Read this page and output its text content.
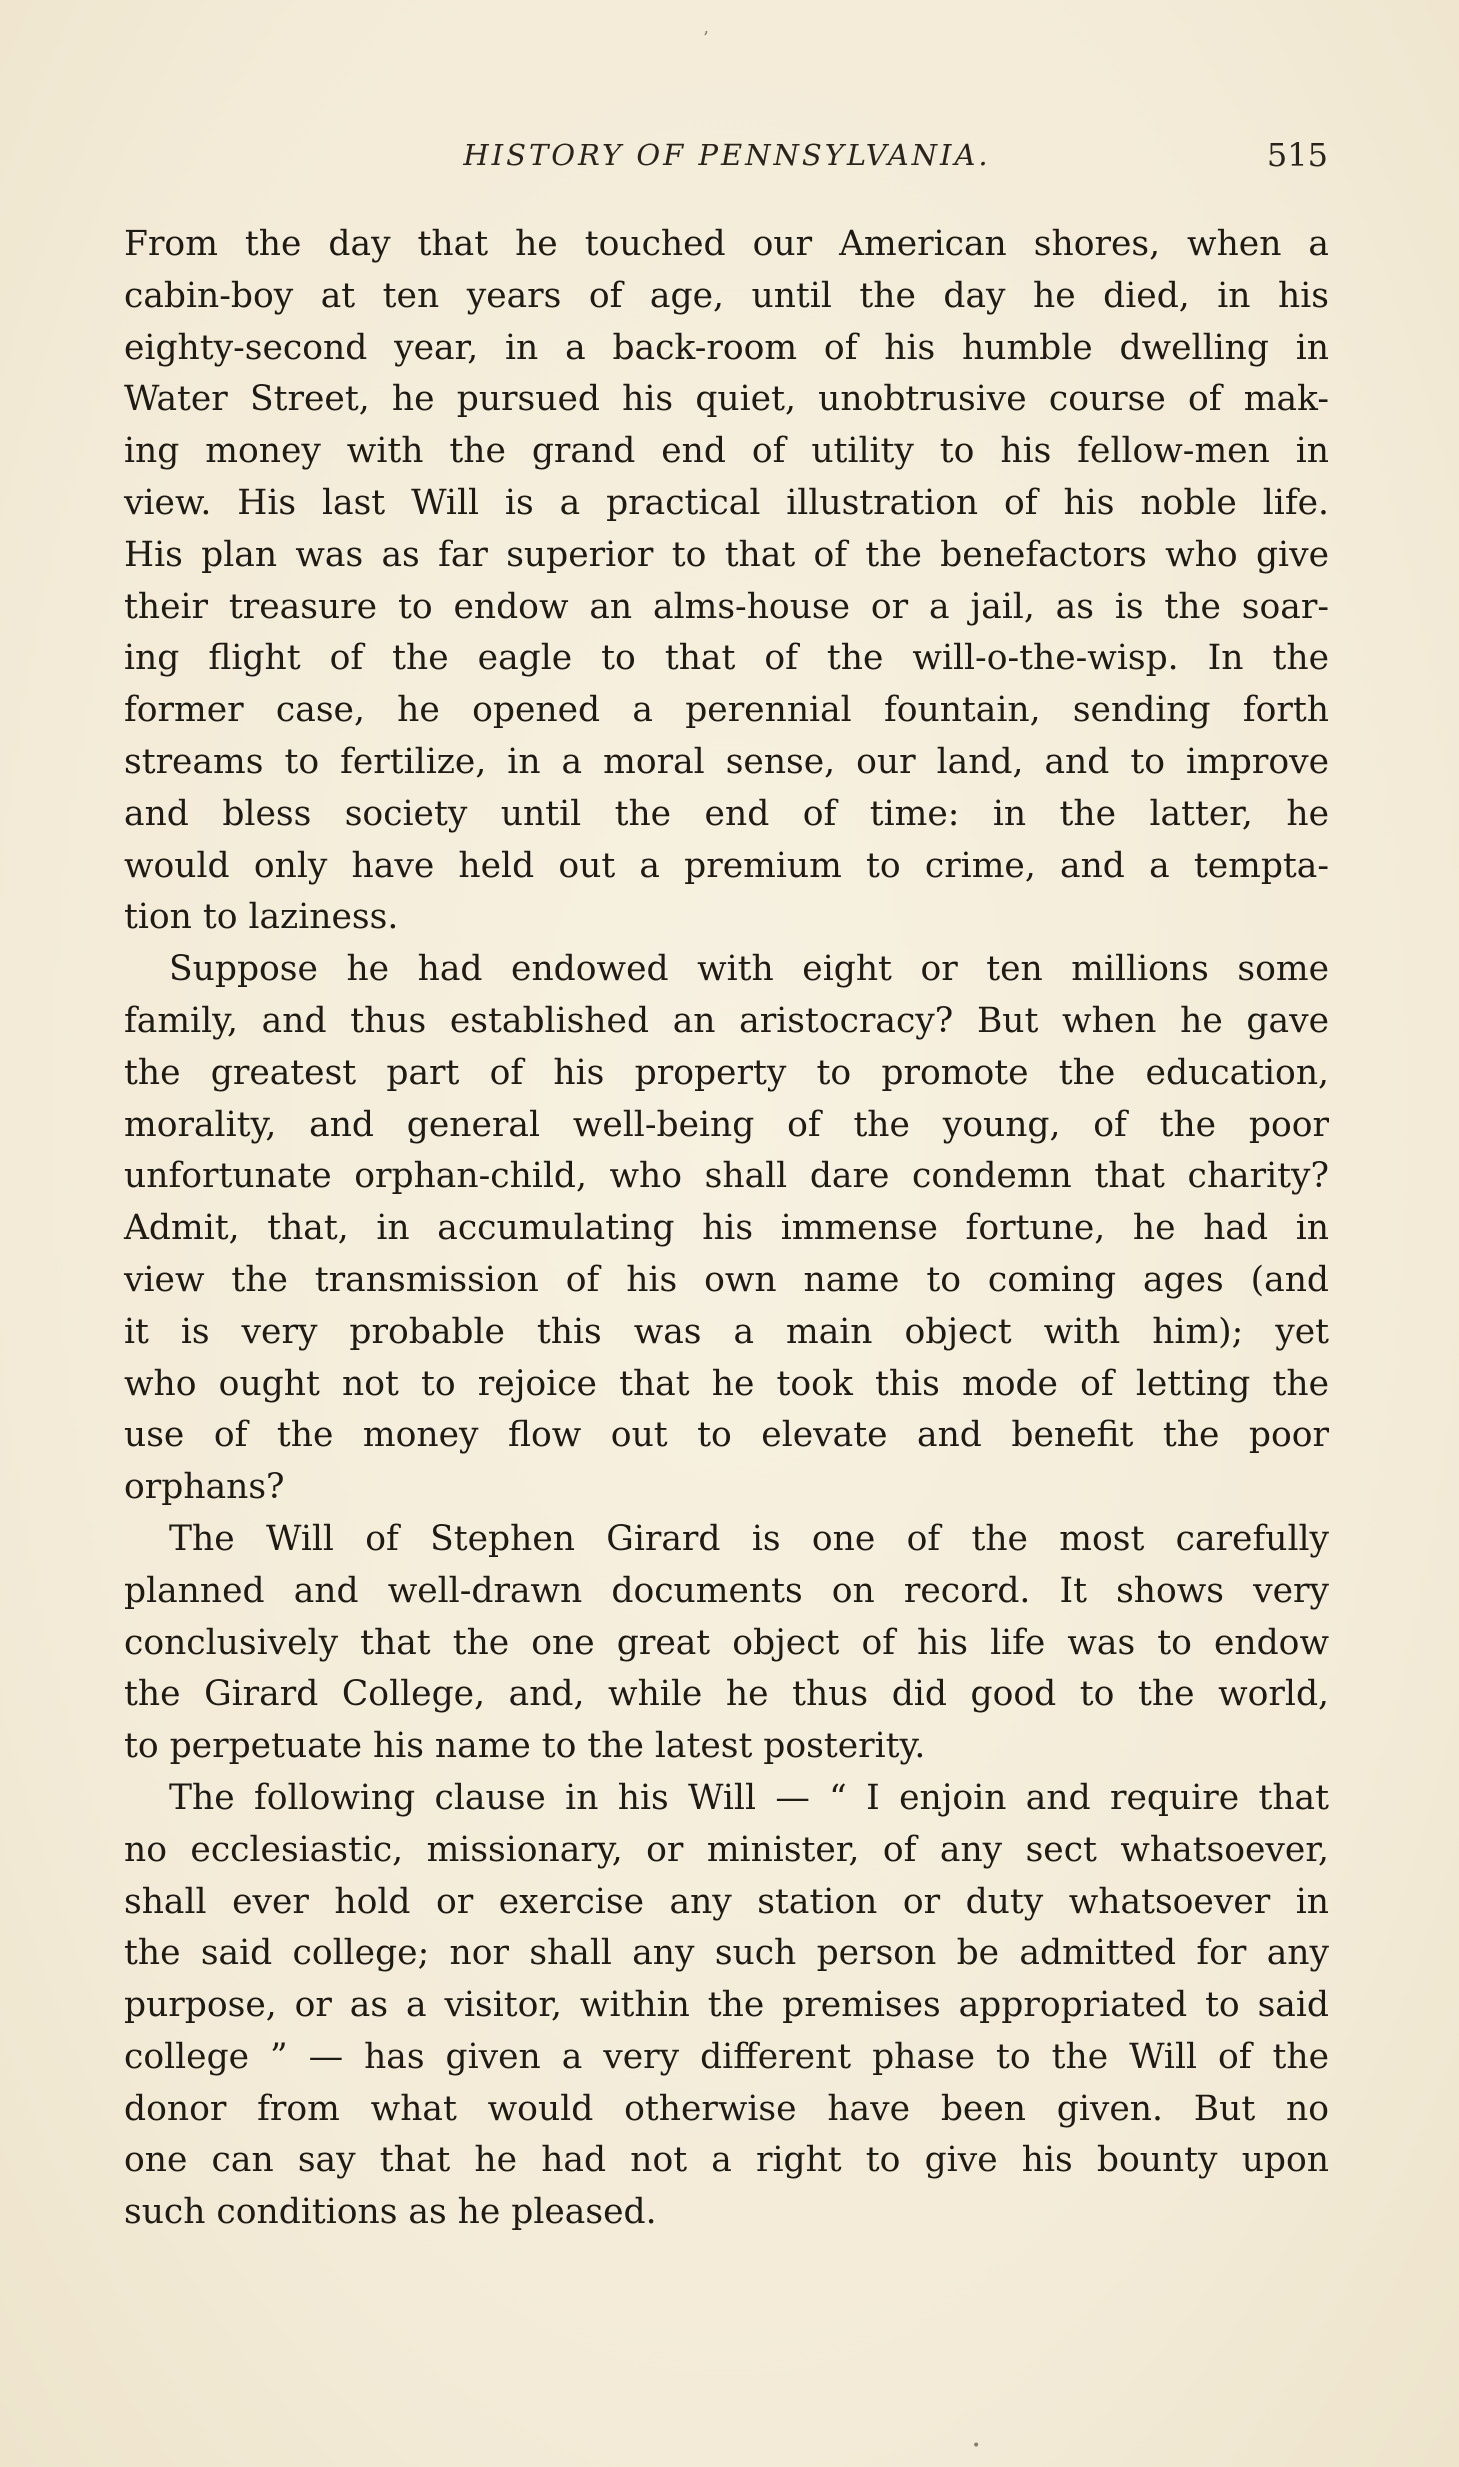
HISTORY OF PENNSYLVANIA.	515
From the day that he touched our American shores, when a
cabin-boy at ten years of age, until the day he died, in his
eighty-second year, in a back-room of his humble dwelling in
Water Street, he pursued his quiet, unobtrusive course of mak-
ing money with the grand end of utility to his fellow-men in
view. His last Will is a practical illustration of his noble life.
His plan was as far superior to that of the benefactors who give
their treasure to endow an alms-house or a jail, as is the soar-
ing flight of the eagle to that of the will-o-the-wisp. In the
former case, he opened a perennial fountain, sending forth
streams to fertilize, in a moral sense, our land, and to improve
and bless society until the end of time: in the latter, he
would only have held out a premium to crime, and a tempta-
tion to laziness.
Suppose he had endowed with eight or ten millions some
family, and thus established an aristocracy? But when he gave
the greatest part of his property to promote the education,
morality, and general well-being of the young, of the poor
unfortunate orphan-child, who shall dare condemn that charity?
Admit, that, in accumulating his immense fortune, he had in
view the transmission of his own name to coming ages (and
it is very probable this was a main object with him); yet
who ought not to rejoice that he took this mode of letting the
use of the money flow out to elevate and benefit the poor
orphans?
The Will of Stephen Girard is one of the most carefully
planned and well-drawn documents on record. It shows very
conclusively that the one great object of his life was to endow
the Girard College, and, while he thus did good to the world,
to perpetuate his name to the latest posterity.
The following clause in his Will — “ I enjoin and require that
no ecclesiastic, missionary, or minister, of any sect whatsoever,
shall ever hold or exercise any station or duty whatsoever in
the said college; nor shall any such person be admitted for any
purpose, or as a visitor, within the premises appropriated to said
college ” — has given a very different phase to the Will of the
donor from what would otherwise have been given. But no
one can say that he had not a right to give his bounty upon
such conditions as he pleased.
’
•
